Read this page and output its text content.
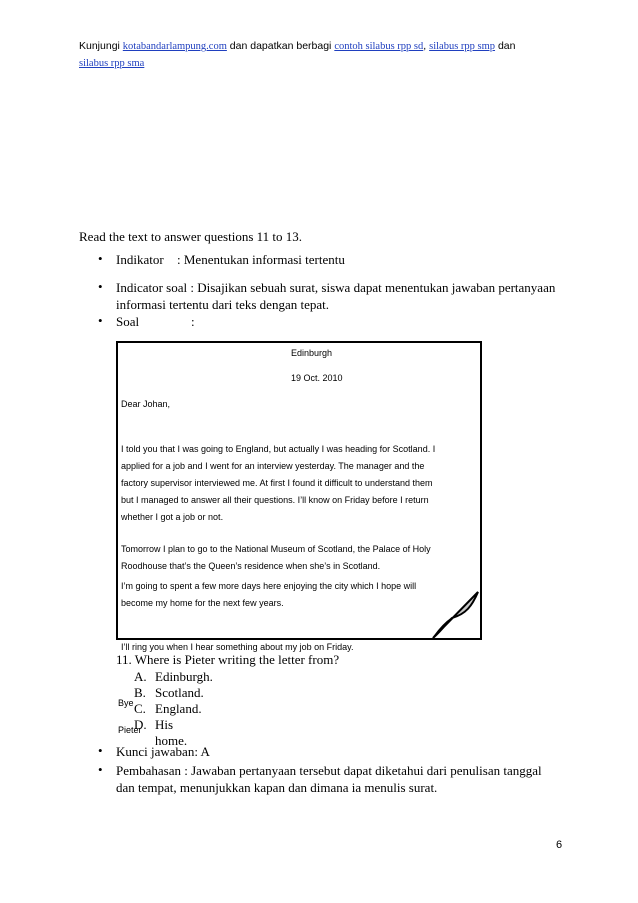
Kunjungi kotabandarlampung.com dan dapatkan berbagi contoh silabus rpp sd, silabus rpp smp dan
silabus rpp sma
Read the text to answer questions 11 to 13.
• Indikator : Menentukan informasi tertentu
• Indicator soal : Disajikan sebuah surat, siswa dapat menentukan jawaban pertanyaan
informasi tertentu dari teks dengan tepat.
• Soal	:
Edinburgh
19 Oct. 2010
Dear Johan,
I told you that I was going to England, but actually I was heading for Scotland. I
applied for a job and I went for an interview yesterday. The manager and the
factory supervisor interviewed me. At first I found it difficult to understand them
but I managed to answer all their questions. I’ll know on Friday before I return
whether I got a job or not.
Tomorrow I plan to go to the National Museum of Scotland, the Palace of Holy
Roodhouse that’s the Queen’s residence when she’s in Scotland.
I’m going to spent a few more days here enjoying the city which I hope will
become my home for the next few years.
I’ll ring you when I hear something about my job on Friday.
Bye
Pieter
11. Where is Pieter writing the letter from?
A. Edinburgh.
B. Scotland.
C. England.
D. His home.
• Kunci jawaban: A
• Pembahasan : Jawaban pertanyaan tersebut dapat diketahui dari penulisan tanggal
dan tempat, menunjukkan kapan dan dimana ia menulis surat.
6
